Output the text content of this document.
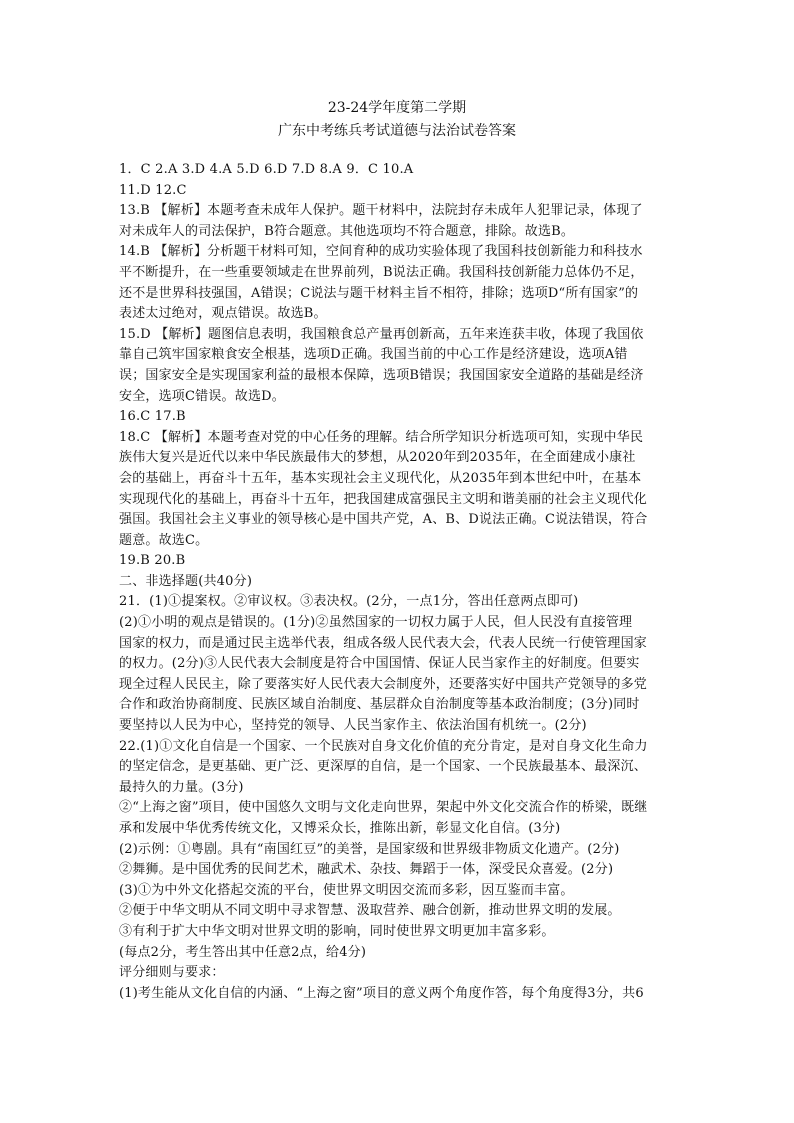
23-24学年度第二学期
广东中考练兵考试道德与法治试卷答案
1．C 2.A 3.D 4.A 5.D 6.D 7.D 8.A 9．C 10.A
11.D 12.C
13.B 【解析】本题考查未成年人保护。题干材料中，法院封存未成年人犯罪记录，体现了
对未成年人的司法保护，B符合题意。其他选项均不符合题意，排除。故选B。
14.B 【解析】分析题干材料可知，空间育种的成功实验体现了我国科技创新能力和科技水
平不断提升，在一些重要领域走在世界前列，B说法正确。我国科技创新能力总体仍不足，
还不是世界科技强国，A错误；C说法与题干材料主旨不相符，排除；选项D“所有国家”的
表述太过绝对，观点错误。故选B。
15.D 【解析】题图信息表明，我国粮食总产量再创新高，五年来连获丰收，体现了我国依
靠自己筑牢国家粮食安全根基，选项D正确。我国当前的中心工作是经济建设，选项A错
误；国家安全是实现国家利益的最根本保障，选项B错误；我国国家安全道路的基础是经济
安全，选项C错误。故选D。
16.C 17.B
18.C 【解析】本题考查对党的中心任务的理解。结合所学知识分析选项可知，实现中华民
族伟大复兴是近代以来中华民族最伟大的梦想，从2020年到2035年，在全面建成小康社
会的基础上，再奋斗十五年，基本实现社会主义现代化，从2035年到本世纪中叶，在基本
实现现代化的基础上，再奋斗十五年，把我国建成富强民主文明和谐美丽的社会主义现代化
强国。我国社会主义事业的领导核心是中国共产党，A、B、D说法正确。C说法错误，符合
题意。故选C。
19.B 20.B
二、非选择题(共40分)
21．(1)①提案权。②审议权。③表决权。(2分，一点1分，答出任意两点即可)
(2)①小明的观点是错误的。(1分)②虽然国家的一切权力属于人民，但人民没有直接管理
国家的权力，而是通过民主选举代表，组成各级人民代表大会，代表人民统一行使管理国家
的权力。(2分)③人民代表大会制度是符合中国国情、保证人民当家作主的好制度。但要实
现全过程人民民主，除了要落实好人民代表大会制度外，还要落实好中国共产党领导的多党
合作和政治协商制度、民族区域自治制度、基层群众自治制度等基本政治制度；(3分)同时
要坚持以人民为中心，坚持党的领导、人民当家作主、依法治国有机统一。(2分)
22.(1)①文化自信是一个国家、一个民族对自身文化价值的充分肯定，是对自身文化生命力
的坚定信念，是更基础、更广泛、更深厚的自信，是一个国家、一个民族最基本、最深沉、
最持久的力量。(3分)
②“上海之窗”项目，使中国悠久文明与文化走向世界，架起中外文化交流合作的桥梁，既继
承和发展中华优秀传统文化，又博采众长，推陈出新，彰显文化自信。(3分)
(2)示例：①粤剧。具有“南国红豆”的美誉，是国家级和世界级非物质文化遗产。(2分)
②舞狮。是中国优秀的民间艺术，融武术、杂技、舞蹈于一体，深受民众喜爱。(2分)
(3)①为中外文化搭起交流的平台，使世界文明因交流而多彩，因互鉴而丰富。
②便于中华文明从不同文明中寻求智慧、汲取营养、融合创新，推动世界文明的发展。
③有利于扩大中华文明对世界文明的影响，同时使世界文明更加丰富多彩。
(每点2分，考生答出其中任意2点，给4分)
评分细则与要求：
(1)考生能从文化自信的内涵、“上海之窗”项目的意义两个角度作答，每个角度得3分，共6
